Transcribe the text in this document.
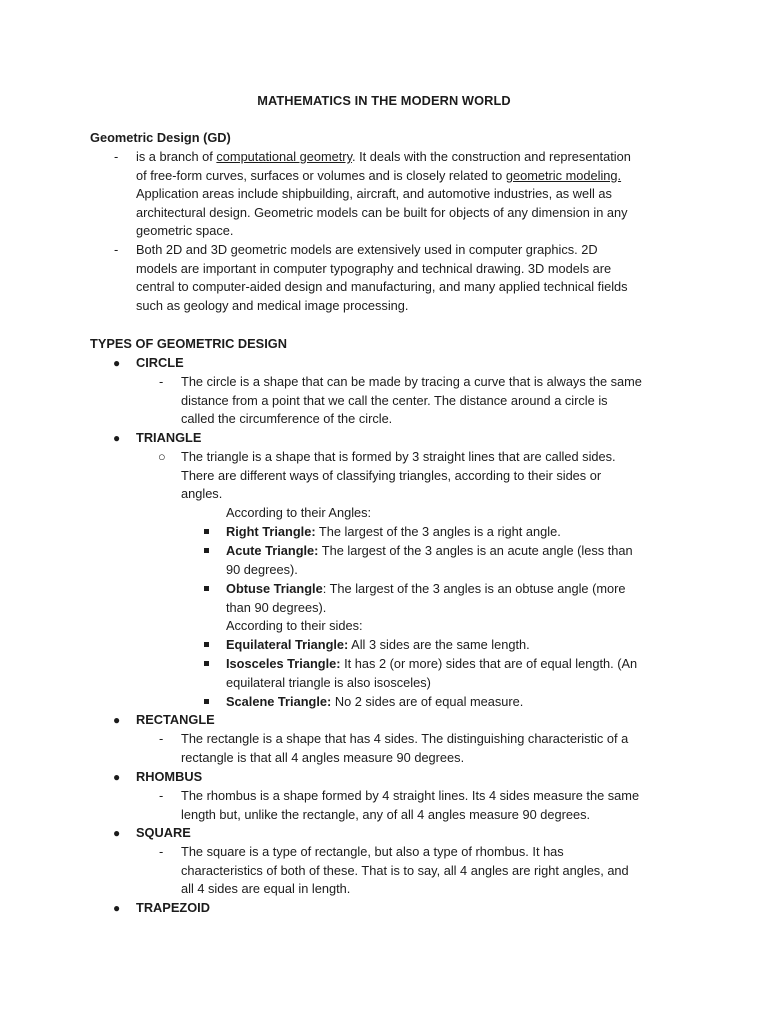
MATHEMATICS IN THE MODERN WORLD
Geometric Design (GD)
- is a branch of computational geometry. It deals with the construction and representation
of free-form curves, surfaces or volumes and is closely related to geometric modeling.
Application areas include shipbuilding, aircraft, and automotive industries, as well as
architectural design. Geometric models can be built for objects of any dimension in any
geometric space.
- Both 2D and 3D geometric models are extensively used in computer graphics. 2D
models are important in computer typography and technical drawing. 3D models are
central to computer-aided design and manufacturing, and many applied technical fields
such as geology and medical image processing.
TYPES OF GEOMETRIC DESIGN
● CIRCLE
- The circle is a shape that can be made by tracing a curve that is always the same
distance from a point that we call the center. The distance around a circle is
called the circumference of the circle.
● TRIANGLE
○ The triangle is a shape that is formed by 3 straight lines that are called sides.
There are different ways of classifying triangles, according to their sides or
angles.
According to their Angles:
Right Triangle: The largest of the 3 angles is a right angle.
Acute Triangle: The largest of the 3 angles is an acute angle (less than
90 degrees).
Obtuse Triangle: The largest of the 3 angles is an obtuse angle (more
than 90 degrees).
According to their sides:
Equilateral Triangle: All 3 sides are the same length.
Isosceles Triangle: It has 2 (or more) sides that are of equal length. (An
equilateral triangle is also isosceles)
Scalene Triangle: No 2 sides are of equal measure.
● RECTANGLE
- The rectangle is a shape that has 4 sides. The distinguishing characteristic of a
rectangle is that all 4 angles measure 90 degrees.
● RHOMBUS
- The rhombus is a shape formed by 4 straight lines. Its 4 sides measure the same
length but, unlike the rectangle, any of all 4 angles measure 90 degrees.
● SQUARE
- The square is a type of rectangle, but also a type of rhombus. It has
characteristics of both of these. That is to say, all 4 angles are right angles, and
all 4 sides are equal in length.
● TRAPEZOID
